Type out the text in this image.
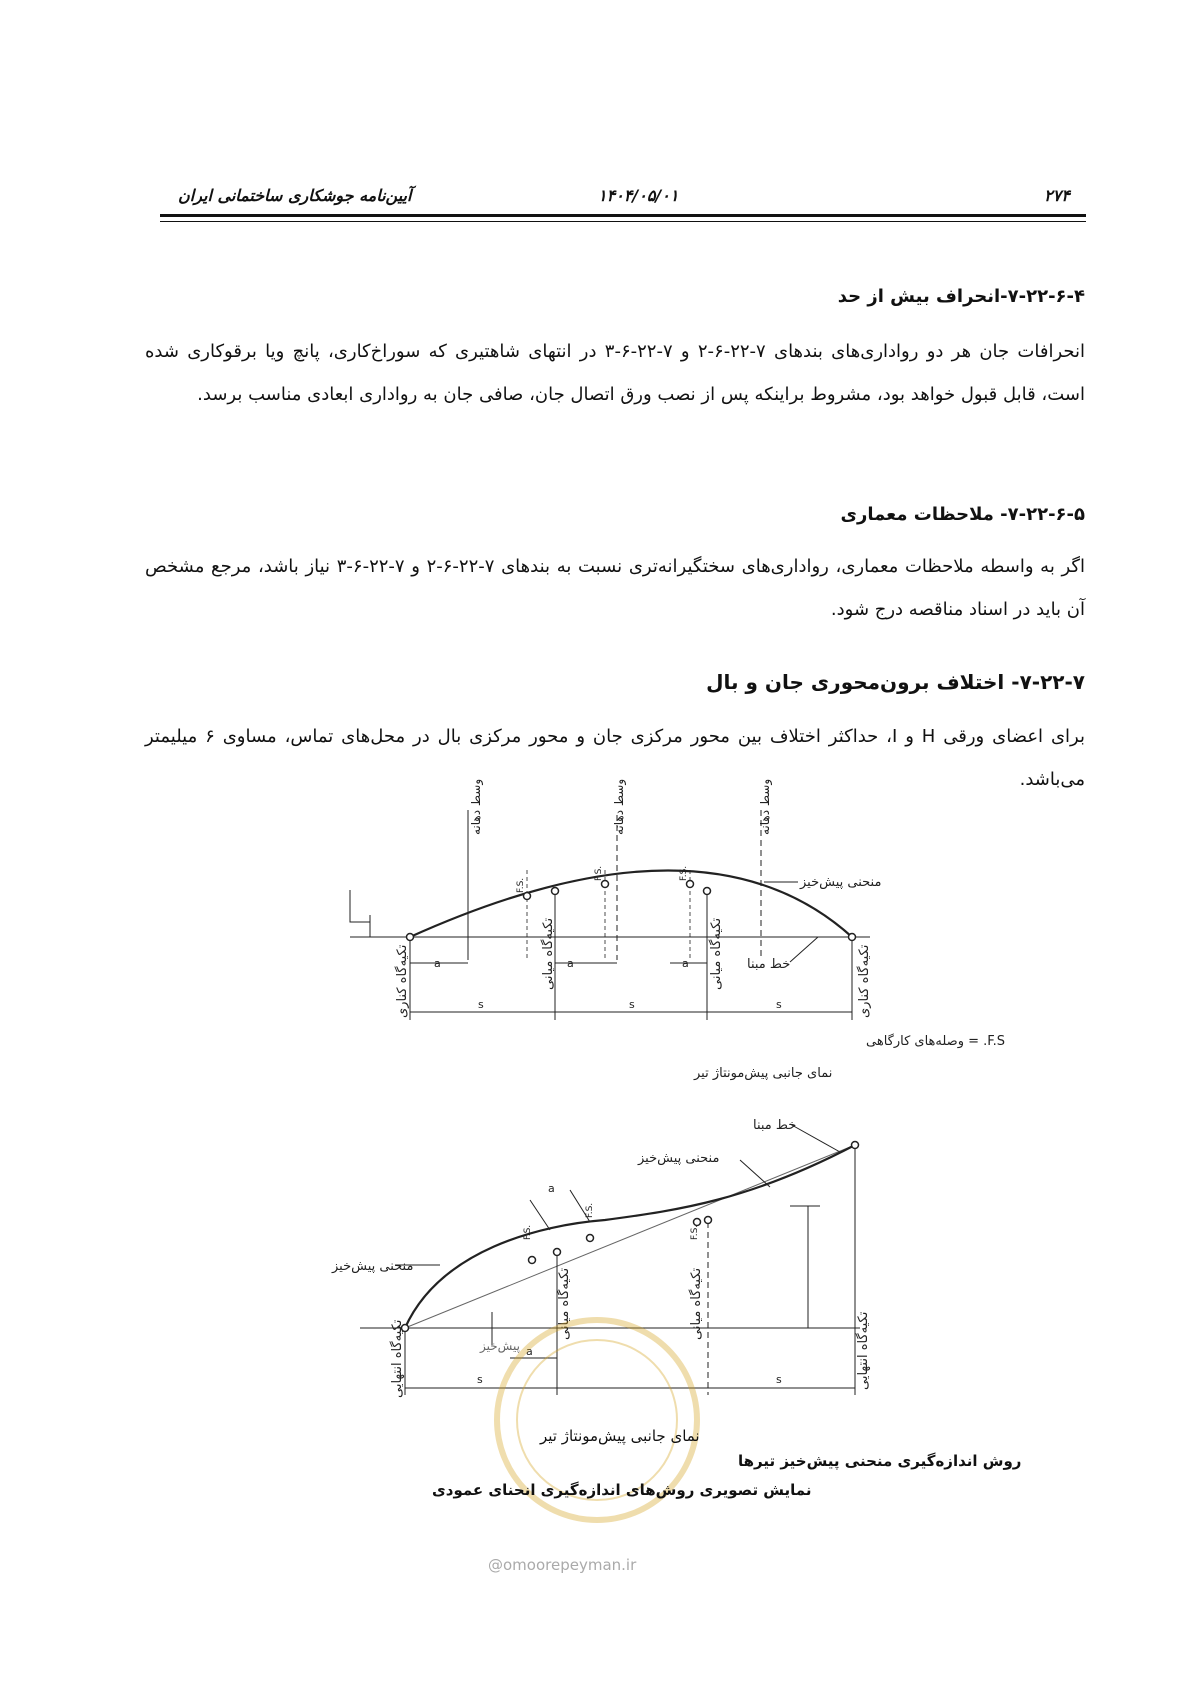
۲۷۴
۱۴۰۴/۰۵/۰۱
آیین‌نامه جوشکاری ساختمانی ایران
۷-۲۲-۶-۴-انحراف بیش از حد
انحرافات جان هر دو رواداری‌های بندهای ۷-۲۲-۶-۲ و ۷-۲۲-۶-۳ در انتهای شاهتیری که سوراخ‌کاری، پانچ ویا برقوکاری شده است، قابل قبول خواهد بود، مشروط براینکه پس از نصب ورق اتصال جان، صافی جان به رواداری ابعادی مناسب برسد.
۷-۲۲-۶-۵- ملاحظات معماری
اگر به واسطه ملاحظات معماری، رواداری‌های سختگیرانه‌تری نسبت به بندهای ۷-۲۲-۶-۲ و ۷-۲۲-۶-۳ نیاز باشد، مرجع مشخص آن باید در اسناد مناقصه درج شود.
۷-۲۲-۷- اختلاف برون‌محوری جان و بال
برای اعضای ورقی H و I، حداکثر اختلاف بین محور مرکزی جان و محور مرکزی بال در محل‌های تماس، مساوی ۶ میلیمتر می‌باشد.
وسط دهانه	وسط دهانه	وسط دهانه
F.S.
F.S.	F.S.
منحنی پیش‌خیز
خط مبنا
تکیه‌گاه کناری	تکیه‌گاه میانی	تکیه‌گاه میانی	تکیه‌گاه کناری
a	a	a
s	s	s
F.S. = وصله‌های کارگاهی
نمای جانبی پیش‌مونتاژ تیر
خط مبنا
منحنی پیش‌خیز
منحنی پیش‌خیز
پیش‌خیز
F.S.
F.S.
F.S.
تکیه‌گاه میانی	تکیه‌گاه میانی
تکیه‌گاه انتهایی	تکیه‌گاه انتهایی
a
a
s	s
نمای جانبی پیش‌مونتاژ تیر
روش اندازه‌گیری منحنی پیش‌خیز تیرها
نمایش تصویری روش‌های اندازه‌گیری انحنای عمودی
@omoorepeyman.ir
